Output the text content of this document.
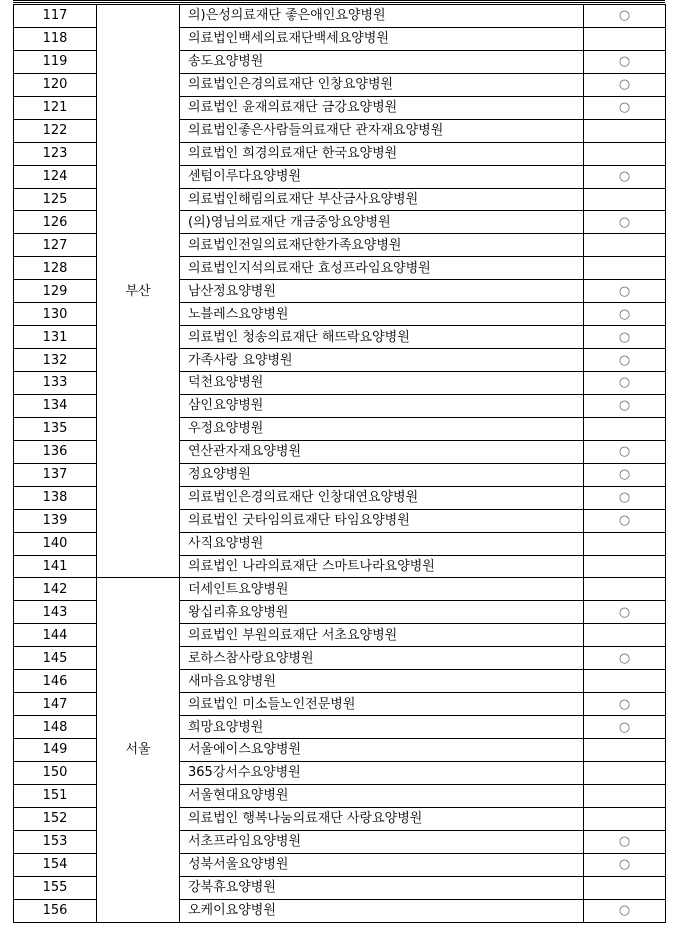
117	부산	의)은성의료재단 좋은애인요양병원	○
118		의료법인백세의료재단백세요양병원	
119		송도요양병원	○
120		의료법인은경의료재단 인창요양병원	○
121		의료법인 윤재의료재단 금강요양병원	○
122		의료법인좋은사람들의료재단 관자재요양병원	
123		의료법인 희경의료재단 한국요양병원	
124		센텀이루다요양병원	○
125		의료법인해림의료재단 부산금사요양병원	
126		(의)영님의료재단 개금중앙요양병원	○
127		의료법인전일의료재단한가족요양병원	
128		의료법인지석의료재단 효성프라임요양병원	
129		남산정요양병원	○
130		노블레스요양병원	○
131		의료법인 청송의료재단 해뜨락요양병원	○
132		가족사랑 요양병원	○
133		덕천요양병원	○
134		삼인요양병원	○
135		우정요양병원	
136		연산관자재요양병원	○
137		정요양병원	○
138		의료법인은경의료재단 인창대연요양병원	○
139		의료법인 굿타임의료재단 타임요양병원	○
140		사직요양병원	
141		의료법인 나라의료재단 스마트나라요양병원	
142	서울	더세인트요양병원	
143		왕십리휴요양병원	○
144		의료법인 부원의료재단 서초요양병원	
145		로하스참사랑요양병원	○
146		새마음요양병원	
147		의료법인 미소들노인전문병원	○
148		희망요양병원	○
149		서울에이스요양병원	
150		365강서수요양병원	
151		서울현대요양병원	
152		의료법인 행복나눔의료재단 사랑요양병원	
153		서초프라임요양병원	○
154		성북서울요양병원	○
155		강북휴요양병원	
156		오케이요양병원	○
